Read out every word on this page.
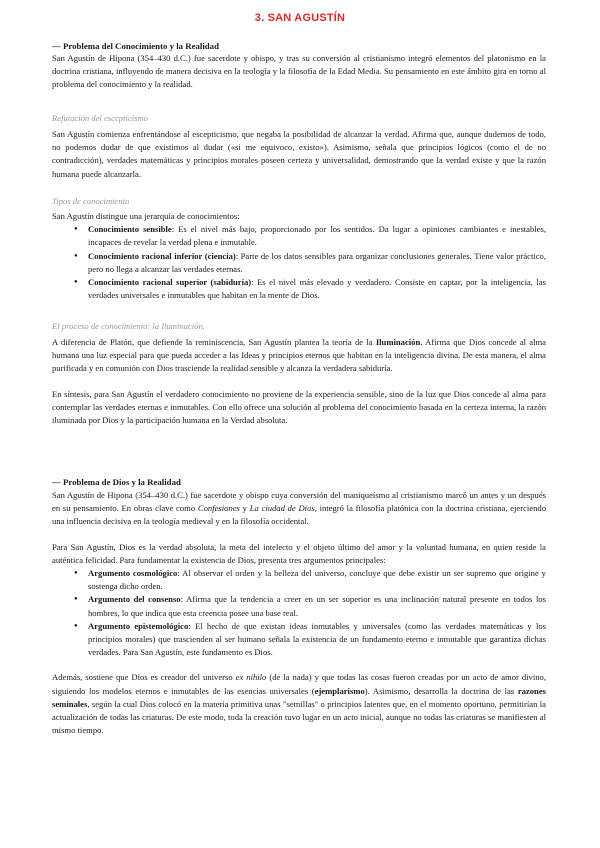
3. SAN AGUSTÍN

— Problema del Conocimiento y la Realidad

San Agustín de Hipona (354–430 d.C.) fue sacerdote y obispo, y tras su conversión al cristianismo integró elementos del platonismo en la doctrina cristiana, influyendo de manera decisiva en la teología y la filosofía de la Edad Media. Su pensamiento en este ámbito gira en torno al problema del conocimiento y la realidad.

Refutación del escepticismo

San Agustín comienza enfrentándose al escepticismo, que negaba la posibilidad de alcanzar la verdad. Afirma que, aunque dudemos de todo, no podemos dudar de que existimos al dudar («si me equivoco, existo»). Asimismo, señala que principios lógicos (como el de no contradicción), verdades matemáticas y principios morales poseen certeza y universalidad, demostrando que la verdad existe y que la razón humana puede alcanzarla.

Tipos de conocimiento

San Agustín distingue una jerarquía de conocimientos:

● Conocimiento sensible: Es el nivel más bajo, proporcionado por los sentidos. Da lugar a opiniones cambiantes e inestables, incapaces de revelar la verdad plena e inmutable.
● Conocimiento racional inferior (ciencia): Parte de los datos sensibles para organizar conclusiones generales. Tiene valor práctico, pero no llega a alcanzar las verdades eternas.
● Conocimiento racional superior (sabiduría): Es el nivel más elevado y verdadero. Consiste en captar, por la inteligencia, las verdades universales e inmutables que habitan en la mente de Dios.

El proceso de conocimiento: la Iluminación.

A diferencia de Platón, que defiende la reminiscencia, San Agustín plantea la teoría de la Iluminación. Afirma que Dios concede al alma humana una luz especial para que pueda acceder a las Ideas y principios eternos que habitan en la inteligencia divina. De esta manera, el alma purificada y en comunión con Dios trasciende la realidad sensible y alcanza la verdadera sabiduría.

En síntesis, para San Agustín el verdadero conocimiento no proviene de la experiencia sensible, sino de la luz que Dios concede al alma para contemplar las verdades eternas e inmutables. Con ello ofrece una solución al problema del conocimiento basada en la certeza interna, la razón iluminada por Dios y la participación humana en la Verdad absoluta.

— Problema de Dios y la Realidad

San Agustín de Hipona (354–430 d.C.) fue sacerdote y obispo cuya conversión del maniqueísmo al cristianismo marcó un antes y un después en su pensamiento. En obras clave como Confesiones y La ciudad de Dios, integró la filosofía platónica con la doctrina cristiana, ejerciendo una influencia decisiva en la teología medieval y en la filosofía occidental.

Para San Agustín, Dios es la verdad absoluta, la meta del intelecto y el objeto último del amor y la voluntad humana, en quien reside la auténtica felicidad. Para fundamentar la existencia de Dios, presenta tres argumentos principales:

● Argumento cosmológico: Al observar el orden y la belleza del universo, concluye que debe existir un ser supremo que origine y sostenga dicho orden.
● Argumento del consenso: Afirma que la tendencia a creer en un ser superior es una inclinación natural presente en todos los hombres, lo que indica que esta creencia posee una base real.
● Argumento epistemológico: El hecho de que existan ideas inmutables y universales (como las verdades matemáticas y los principios morales) que trascienden al ser humano señala la existencia de un fundamento eterno e inmutable que garantiza dichas verdades. Para San Agustín, este fundamento es Dios.

Además, sostiene que Dios es creador del universo ex nihilo (de la nada) y que todas las cosas fueron creadas por un acto de amor divino, siguiendo los modelos eternos e inmutables de las esencias universales (ejemplarismo). Asimismo, desarrolla la doctrina de las razones seminales, según la cual Dios colocó en la materia primitiva unas "semillas" o principios latentes que, en el momento oportuno, permitirían la actualización de todas las criaturas. De este modo, toda la creación tuvo lugar en un acto inicial, aunque no todas las criaturas se manifiesten al mismo tiempo.
